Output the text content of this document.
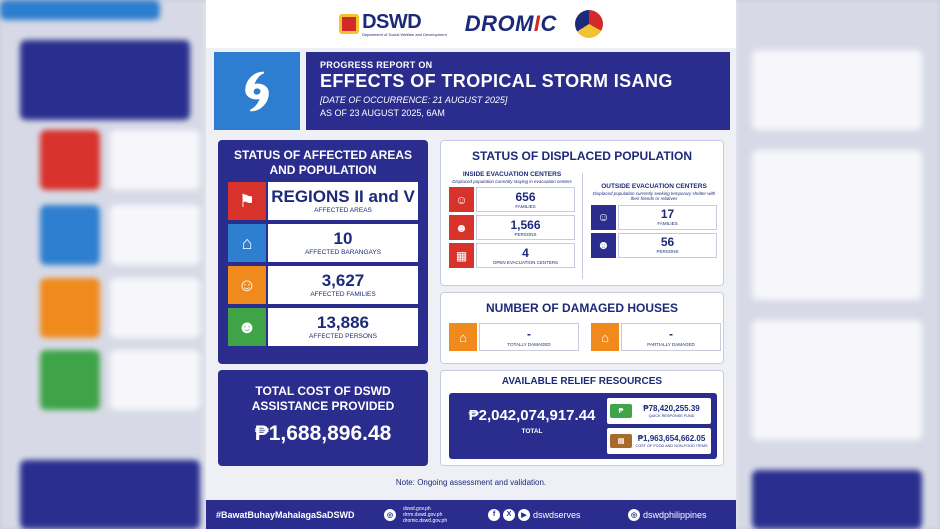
DSWD
Department of Social Welfare and Development DROMIC
🌀︎	PROGRESS REPORT ON
EFFECTS OF TROPICAL STORM ISANG
[DATE OF OCCURRENCE: 21 AUGUST 2025]
AS OF 23 AUGUST 2025, 6AM
STATUS OF AFFECTED AREAS AND POPULATION
⚑ REGIONS II and V
AFFECTED AREAS
⌂	10
AFFECTED BARANGAYS
☺	3,627
AFFECTED FAMILIES
☻	13,886
AFFECTED PERSONS
TOTAL COST OF DSWD ASSISTANCE PROVIDED
₱1,688,896.48
STATUS OF DISPLACED POPULATION
INSIDE EVACUATION CENTERS
Displaced population currently staying in evacuation centers
☺	656
FAMILIES
☻	1,566
PERSONS
▦	4
OPEN EVACUATION CENTERS
OUTSIDE EVACUATION CENTERS
Displaced population currently seeking temporary shelter with their friends or relatives
☺	17
FAMILIES
☻	56
PERSONS
NUMBER OF DAMAGED HOUSES
⌂	-
TOTALLY DAMAGED	⌂	-
PARTIALLY DAMAGED
AVAILABLE RELIEF RESOURCES
₱2,042,074,917.44
TOTAL
₱	₱78,420,255.39
QUICK RESPONSE FUND
▤	₱1,963,654,662.05
COST OF FOOD AND NON-FOOD ITEMS
Note: Ongoing assessment and validation.
#BawatBuhayMahalagaSaDSWD	◎
dswd.gov.ph
drrm.dswd.gov.ph
dromic.dswd.gov.ph
f	X	▶ dswdserves	◎ dswdphilippines
